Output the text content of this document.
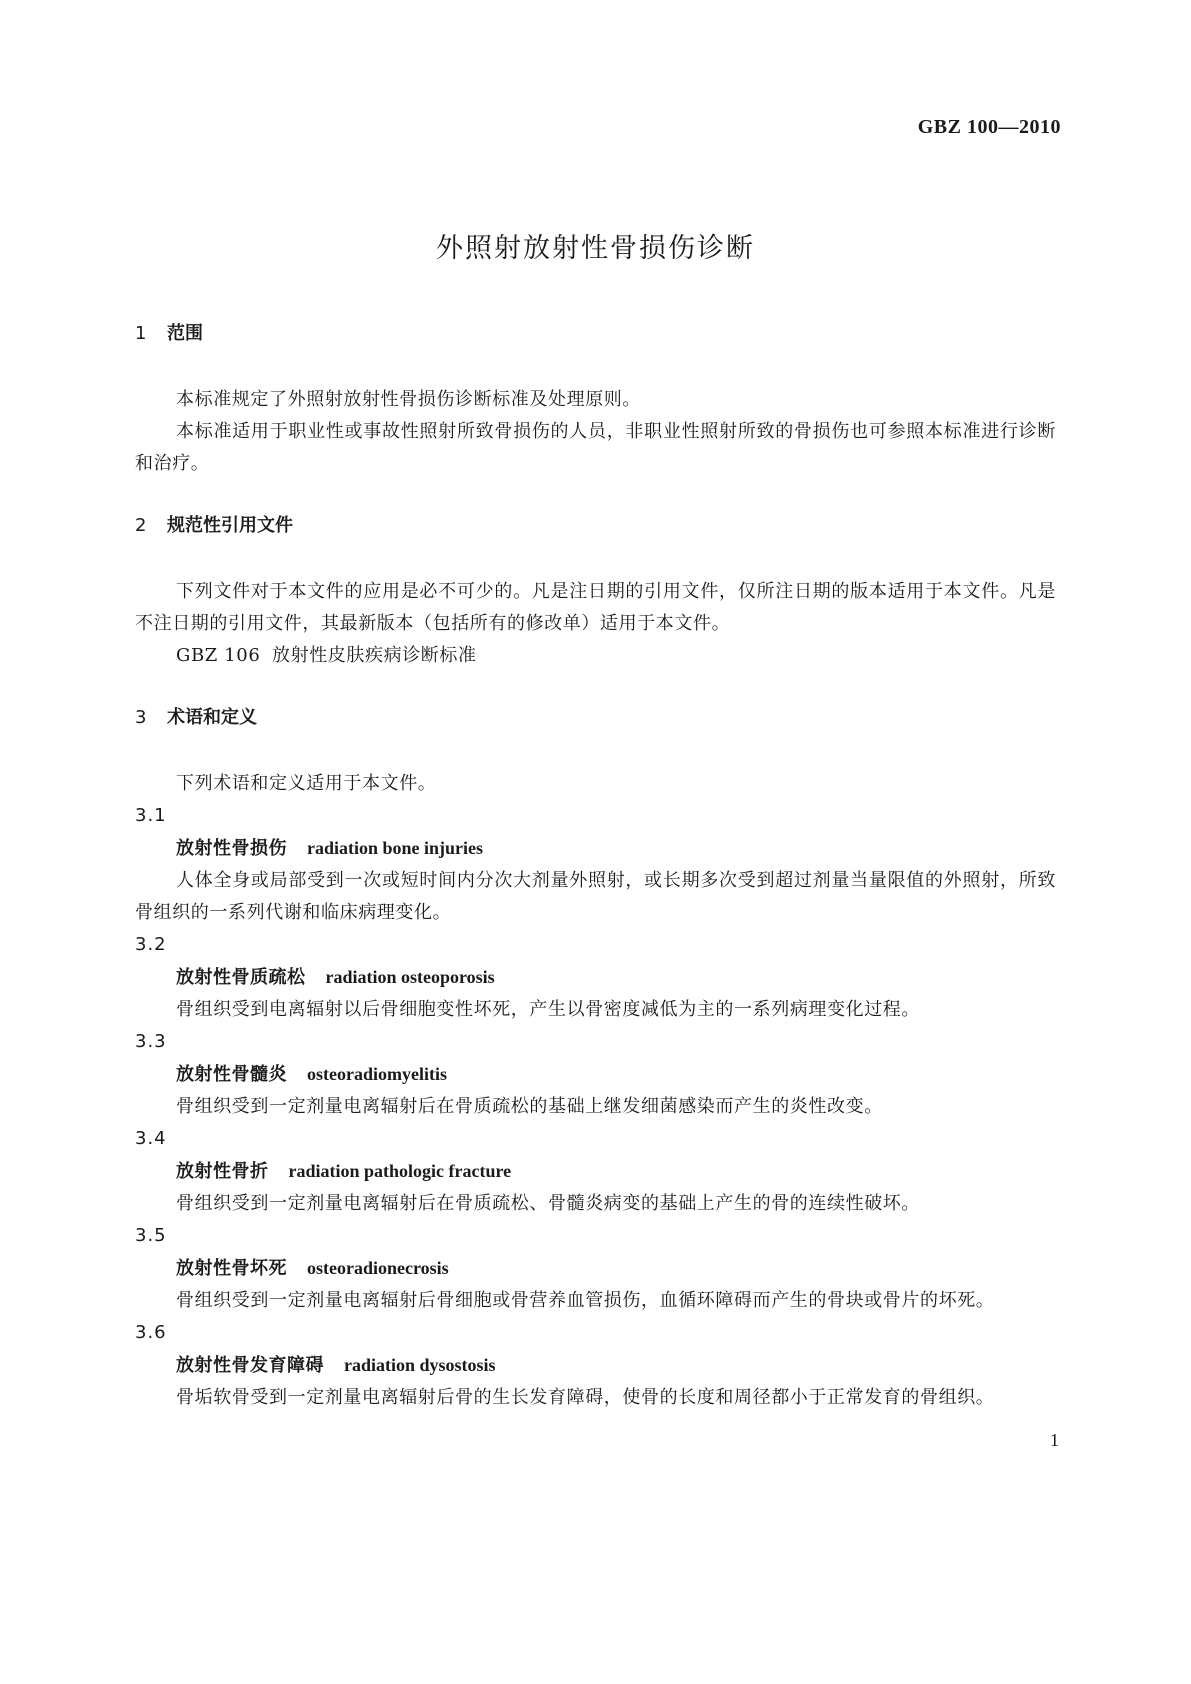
GBZ 100—2010
外照射放射性骨损伤诊断
1 范围
本标准规定了外照射放射性骨损伤诊断标准及处理原则。
本标准适用于职业性或事故性照射所致骨损伤的人员，非职业性照射所致的骨损伤也可参照本标准进行诊断和治疗。
2 规范性引用文件
下列文件对于本文件的应用是必不可少的。凡是注日期的引用文件，仅所注日期的版本适用于本文件。凡是不注日期的引用文件，其最新版本（包括所有的修改单）适用于本文件。
GBZ 106 放射性皮肤疾病诊断标准
3 术语和定义
下列术语和定义适用于本文件。
3.1
放射性骨损伤 radiation bone injuries
人体全身或局部受到一次或短时间内分次大剂量外照射，或长期多次受到超过剂量当量限值的外照射，所致骨组织的一系列代谢和临床病理变化。
3.2
放射性骨质疏松 radiation osteoporosis
骨组织受到电离辐射以后骨细胞变性坏死，产生以骨密度减低为主的一系列病理变化过程。
3.3
放射性骨髓炎 osteoradiomyelitis
骨组织受到一定剂量电离辐射后在骨质疏松的基础上继发细菌感染而产生的炎性改变。
3.4
放射性骨折 radiation pathologic fracture
骨组织受到一定剂量电离辐射后在骨质疏松、骨髓炎病变的基础上产生的骨的连续性破坏。
3.5
放射性骨坏死 osteoradionecrosis
骨组织受到一定剂量电离辐射后骨细胞或骨营养血管损伤，血循环障碍而产生的骨块或骨片的坏死。
3.6
放射性骨发育障碍 radiation dysostosis
骨垢软骨受到一定剂量电离辐射后骨的生长发育障碍，使骨的长度和周径都小于正常发育的骨组织。
1
